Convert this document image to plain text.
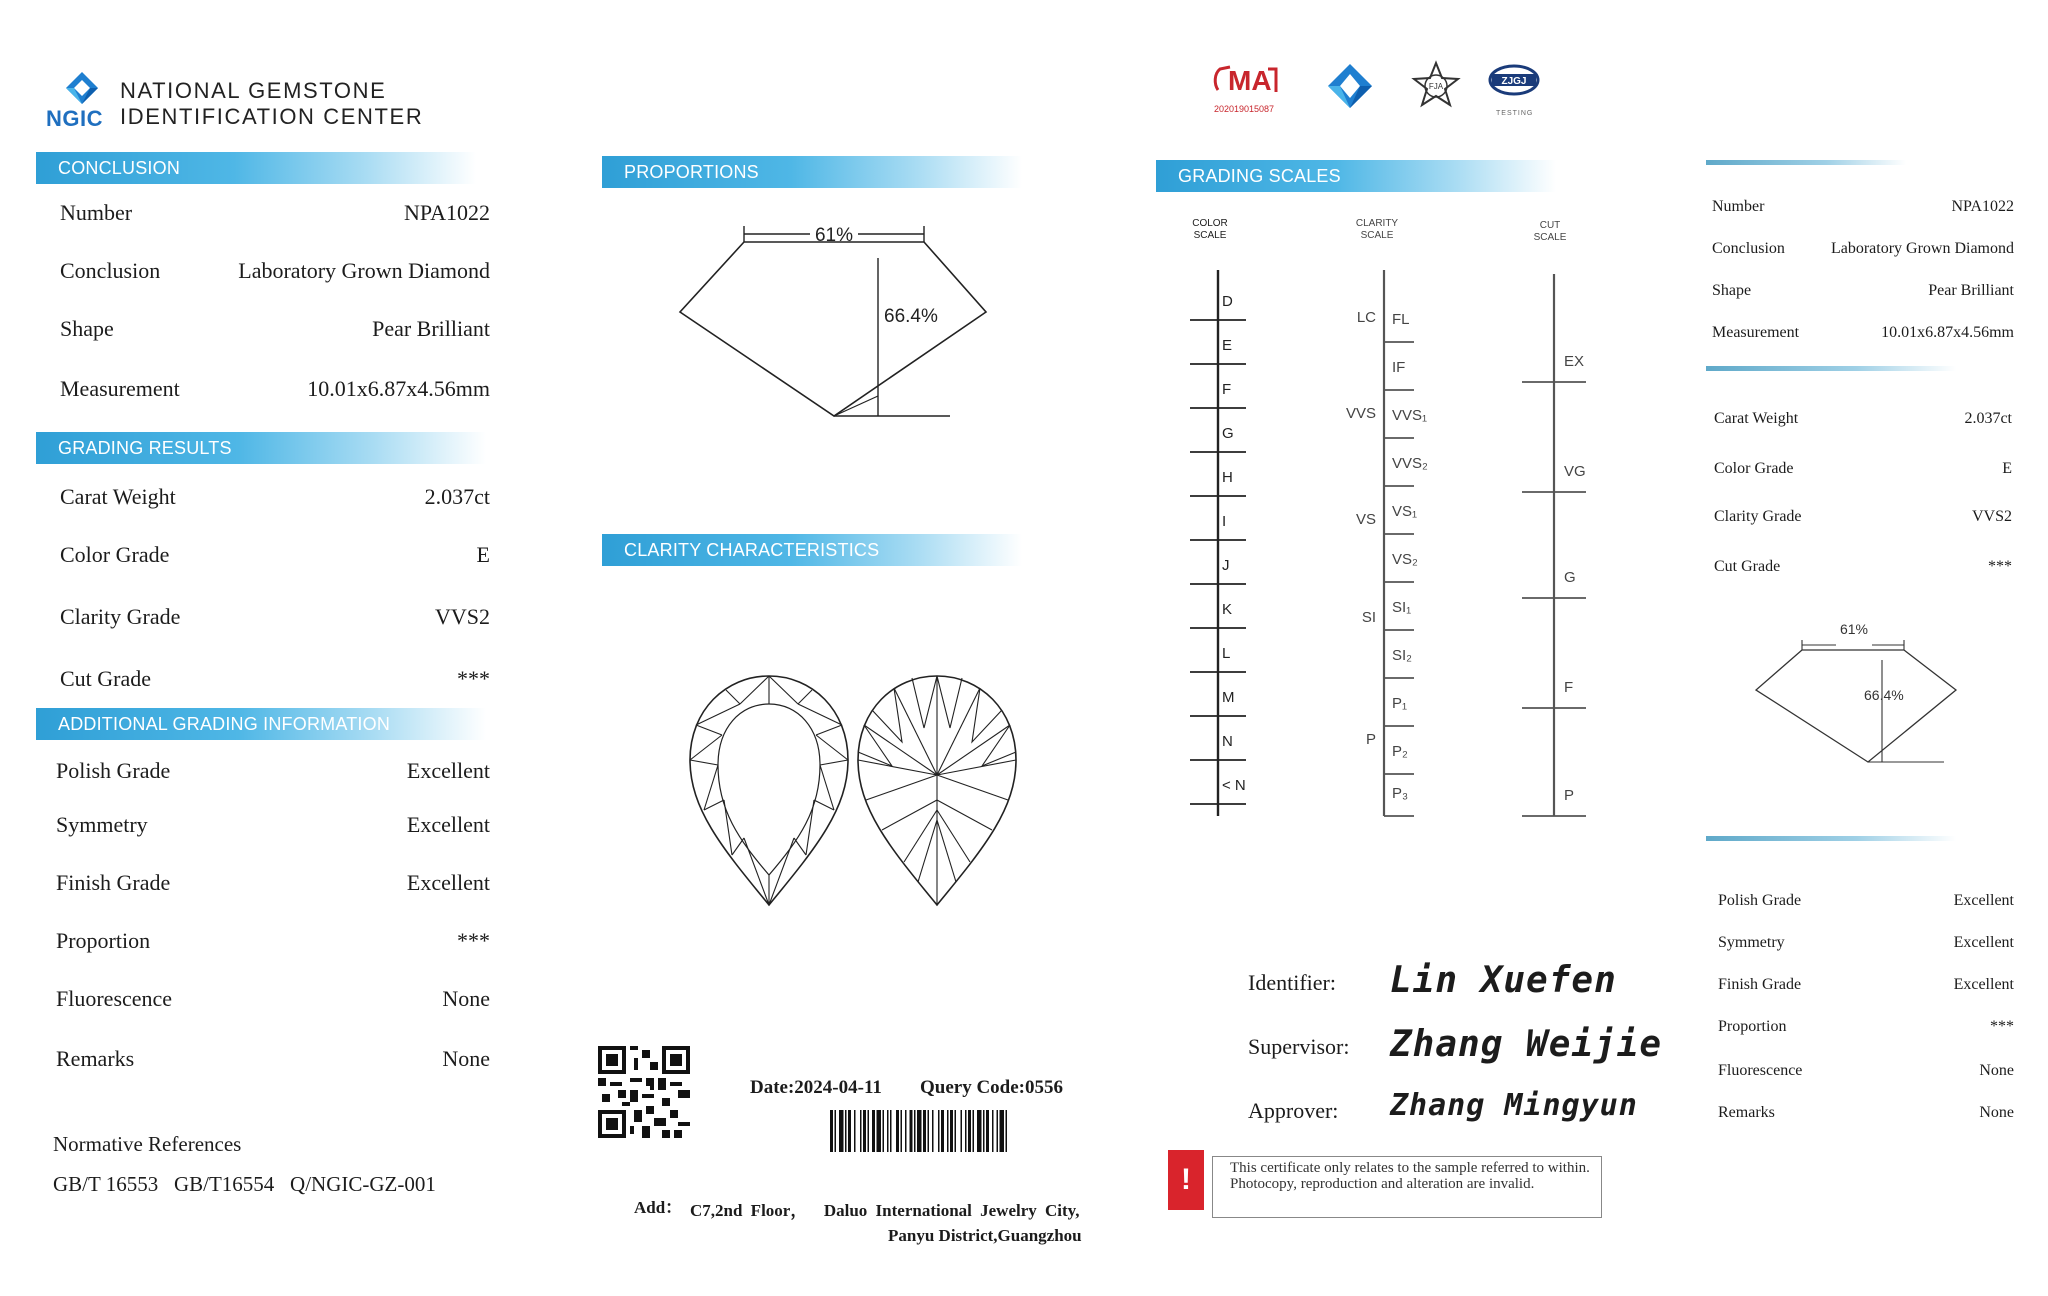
NGIC
NATIONAL GEMSTONE
IDENTIFICATION CENTER
CONCLUSION
Number	NPA1022
Conclusion	Laboratory Grown Diamond
Shape	Pear Brilliant
Measurement	10.01x6.87x4.56mm
GRADING RESULTS
Carat Weight	2.037ct
Color Grade	E
Clarity Grade	VVS2
Cut Grade	***
ADDITIONAL GRADING INFORMATION
Polish Grade	Excellent
Symmetry	Excellent
Finish Grade	Excellent
Proportion	***
Fluorescence	None
Remarks	None
Normative References
GB/T 16553   GB/T16554   Q/NGIC-GZ-001
PROPORTIONS
61%
66.4%
CLARITY CHARACTERISTICS
Date:2024-04-11 Query Code:0556
Add： C7,2nd Floor，  Daluo International Jewelry City,
Panyu District,Guangzhou
MA
202019015087
FJA	ZJGJ
TESTING
GRADING SCALES
COLOR
SCALE
CLARITY
SCALE
CUT
SCALE
D
E
F
G
H
I
J
K
L
M
N
< N
FL
IF
VVS₁
VVS₂
VS₁
VS₂
SI₁
SI₂
P₁
P₂
P₃
LC
VVS
VS
SI
P
EX
VG
G
F
P
Identifier: Lin Xuefen
Supervisor: Zhang Weijie
Approver: Zhang Mingyun
!	This certificate only relates to the sample referred to within. Photocopy, reproduction and alteration are invalid.
Number	NPA1022
Conclusion	Laboratory Grown Diamond
Shape	Pear Brilliant
Measurement	10.01x6.87x4.56mm
Carat Weight	2.037ct
Color Grade	E
Clarity Grade	VVS2
Cut Grade	***
61%
66.4%
Polish Grade	Excellent
Symmetry	Excellent
Finish Grade	Excellent
Proportion	***
Fluorescence	None
Remarks	None
